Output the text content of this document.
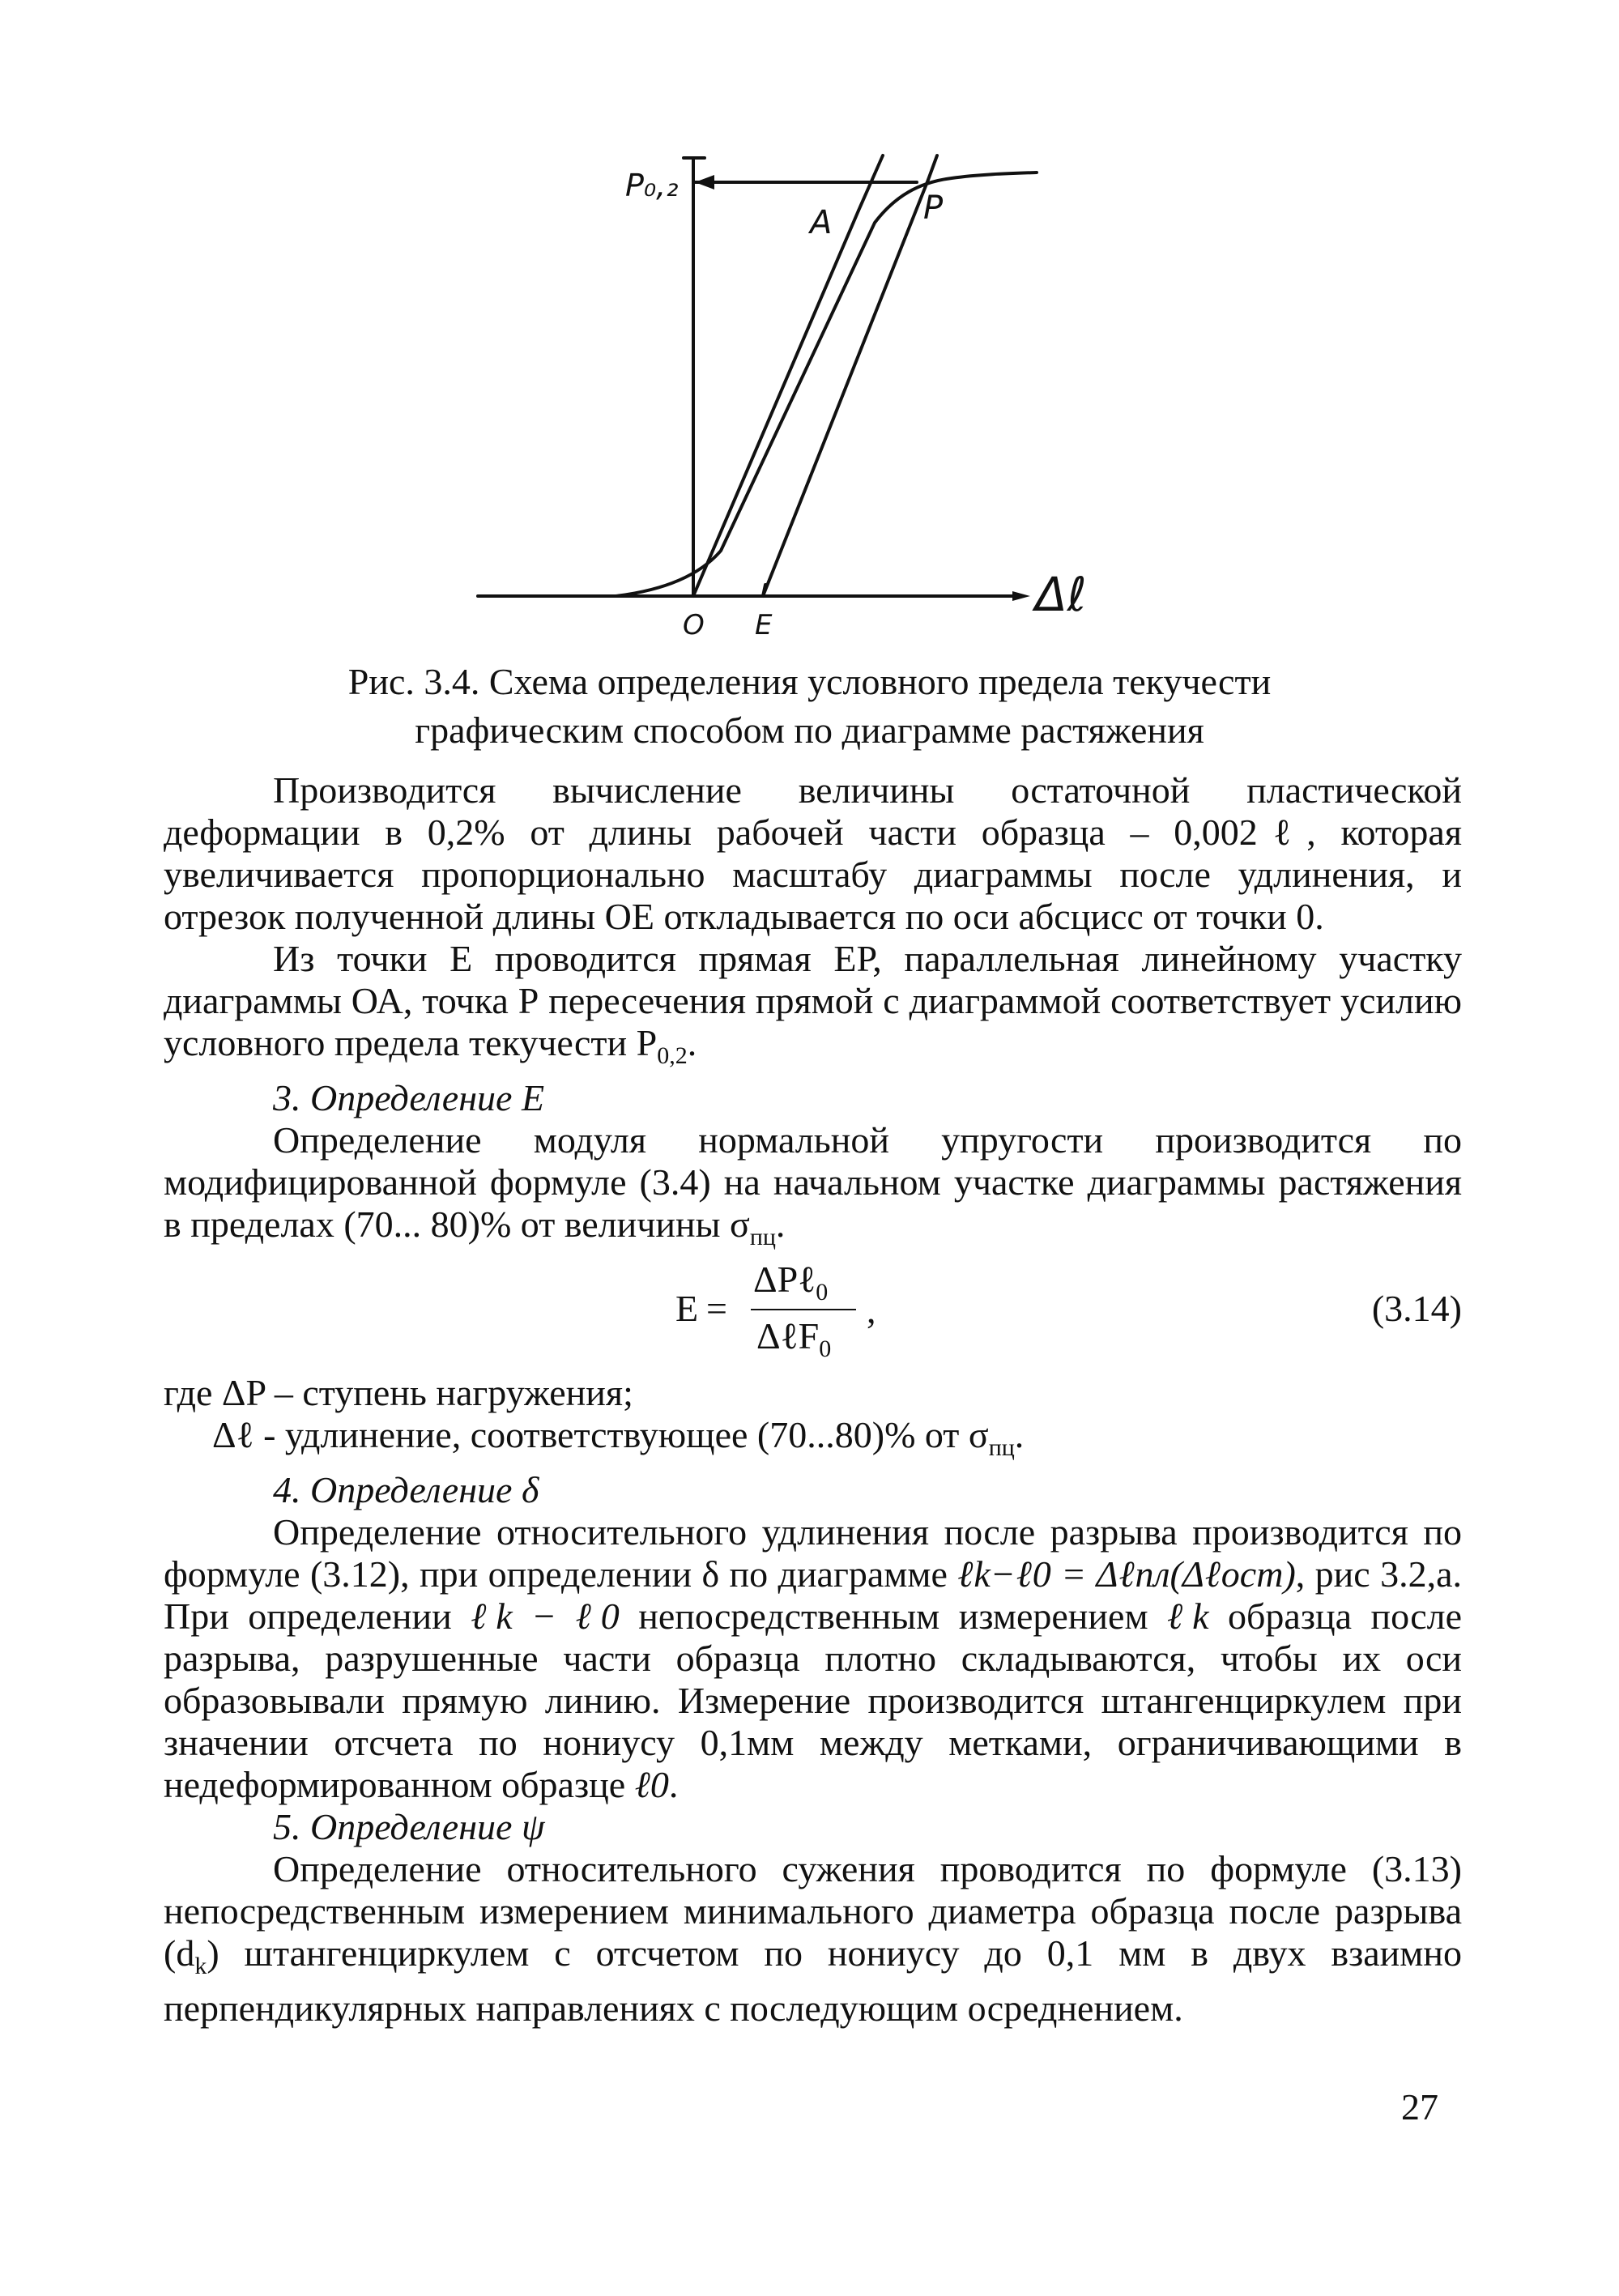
P₀,₂
A	P
O E
Δℓ
Рис. 3.4. Схема определения условного предела текучести
графическим способом по диаграмме растяжения

Производится вычисление величины остаточной пластической деформации в 0,2% от длины рабочей части образца – 0,002ℓ, которая увеличивается пропорционально масштабу диаграммы после удлинения, и отрезок полученной длины ОЕ откладывается по оси абсцисс от точки 0.

Из точки Е проводится прямая ЕР, параллельная линейному участку диаграммы ОА, точка Р пересечения прямой с диаграммой соответствует усилию условного предела текучести $Р_{0,2}$.

3. Определение Е

Определение модуля нормальной упругости производится по модифицированной формуле (3.4) на начальном участке диаграммы растяжения в пределах (70... 80)% от величины $\sigma_{пц}$.

E =
ΔPℓ$_0$
ΔℓF$_0$
,	(3.14)

где ΔP – ступень нагружения;

Δℓ - удлинение, соответствующее (70...80)% от $\sigma_{пц}$.

4. Определение δ

Определение относительного удлинения после разрыва производится по формуле (3.12), при определении δ по диаграмме ℓk−ℓ0 = Δℓпл(Δℓост), рис 3.2,а. При определении ℓk − ℓ0 непосредственным измерением ℓk образца после разрыва, разрушенные части образца плотно складываются, чтобы их оси образовывали прямую линию. Измерение производится штангенциркулем при значении отсчета по нониусу 0,1мм между метками, ограничивающими в недеформированном образце ℓ0.

5. Определение ψ

Определение относительного сужения проводится по формуле (3.13) непосредственным измерением минимального диаметра образца после разрыва $(d_k)$ штангенциркулем с отсчетом по нониусу до 0,1 мм в двух взаимно перпендикулярных направлениях с последующим осреднением.

27
